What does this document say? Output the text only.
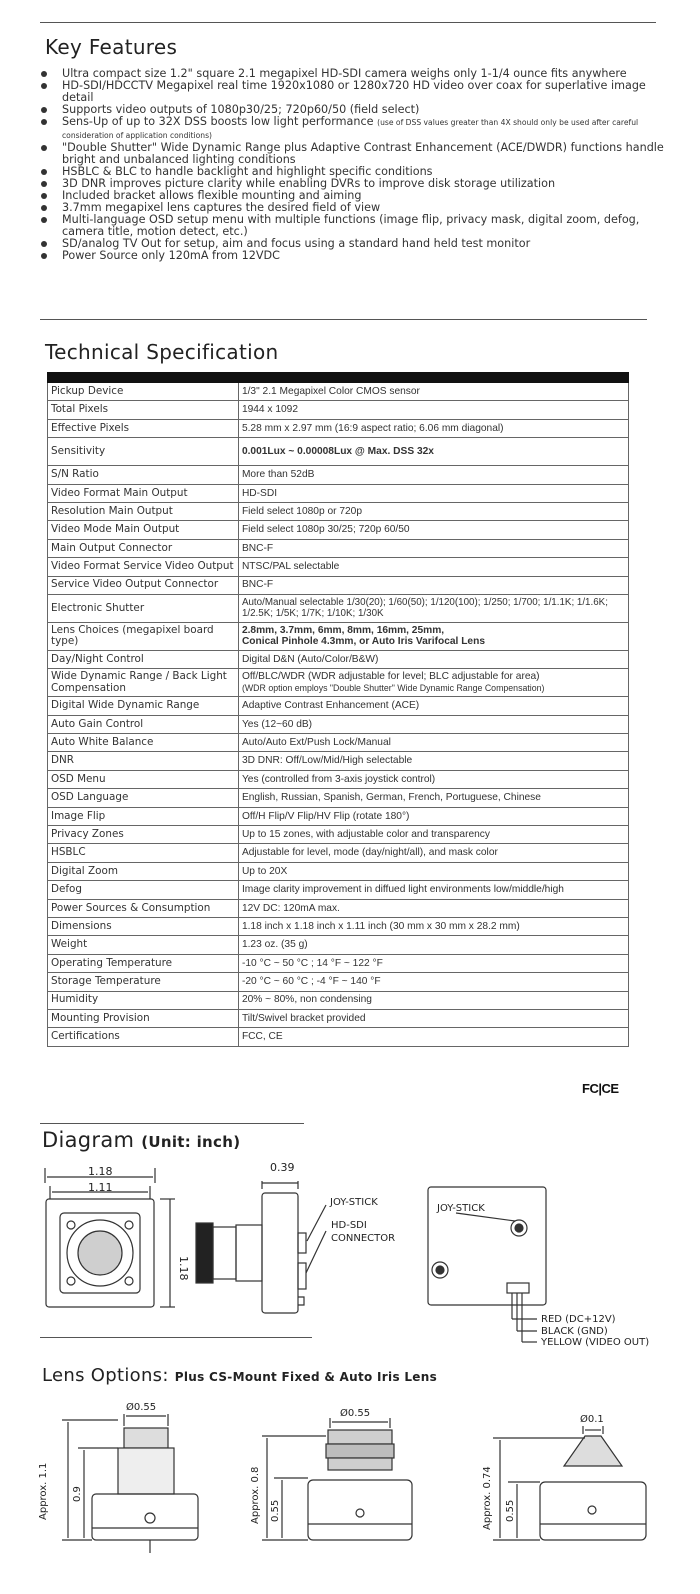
Key Features
Ultra compact size 1.2" square 2.1 megapixel HD-SDI camera weighs only 1-1/4 ounce fits anywhere
HD-SDI/HDCCTV Megapixel real time 1920x1080 or 1280x720 HD video over coax for superlative image detail
Supports video outputs of 1080p30/25; 720p60/50 (field select)
Sens-Up of up to 32X DSS boosts low light performance (use of DSS values greater than 4X should only be used after careful consideration of application conditions)
"Double Shutter" Wide Dynamic Range plus Adaptive Contrast Enhancement (ACE/DWDR) functions handle bright and unbalanced lighting conditions
HSBLC & BLC to handle backlight and highlight specific conditions
3D DNR improves picture clarity while enabling DVRs to improve disk storage utilization
Included bracket allows flexible mounting and aiming
3.7mm megapixel lens captures the desired field of view
Multi-language OSD setup menu with multiple functions (image flip, privacy mask, digital zoom, defog, camera title, motion detect, etc.)
SD/analog TV Out for setup, aim and focus using a standard hand held test monitor
Power Source only 120mA from 12VDC
Technical Specification

Pickup Device	1/3" 2.1 Megapixel Color CMOS sensor

Total Pixels	1944 x 1092

Effective Pixels	5.28 mm x 2.97 mm (16:9 aspect ratio; 6.06 mm diagonal)

Sensitivity	0.001Lux ~ 0.00008Lux @ Max. DSS 32x

S/N Ratio	More than 52dB

Video Format Main Output	HD-SDI

Resolution Main Output	Field select 1080p or 720p

Video Mode Main Output	Field select 1080p 30/25; 720p 60/50

Main Output Connector	BNC-F

Video Format Service Video Output	NTSC/PAL selectable

Service Video Output Connector	BNC-F

Electronic Shutter	Auto/Manual selectable 1/30(20); 1/60(50); 1/120(100); 1/250; 1/700; 1/1.1K; 1/1.6K; 1/2.5K; 1/5K; 1/7K; 1/10K; 1/30K

Lens Choices (megapixel board type)	2.8mm, 3.7mm, 6mm, 8mm, 16mm, 25mm,
Conical Pinhole 4.3mm, or Auto Iris Varifocal Lens

Day/Night Control	Digital D&N (Auto/Color/B&W)

Wide Dynamic Range / Back Light Compensation	Off/BLC/WDR (WDR adjustable for level; BLC adjustable for area)
(WDR option employs "Double Shutter" Wide Dynamic Range Compensation)

Digital Wide Dynamic Range	Adaptive Contrast Enhancement (ACE)

Auto Gain Control	Yes (12~60 dB)

Auto White Balance	Auto/Auto Ext/Push Lock/Manual

DNR	3D DNR: Off/Low/Mid/High selectable

OSD Menu	Yes (controlled from 3-axis joystick control)

OSD Language	English, Russian, Spanish, German, French, Portuguese, Chinese

Image Flip	Off/H Flip/V Flip/HV Flip (rotate 180°)

Privacy Zones	Up to 15 zones, with adjustable color and transparency

HSBLC	Adjustable for level, mode (day/night/all), and mask color

Digital Zoom	Up to 20X

Defog	Image clarity improvement in diffued light environments low/middle/high

Power Sources & Consumption	12V DC: 120mA max.

Dimensions	1.18 inch x 1.18 inch x 1.11 inch (30 mm x 30 mm x 28.2 mm)

Weight	1.23 oz. (35 g)

Operating Temperature	-10 °C ~ 50 °C ; 14 °F ~ 122 °F

Storage Temperature	-20 °C ~ 60 °C ; -4 °F ~ 140 °F

Humidity	20% ~ 80%, non condensing

Mounting Provision	Tilt/Swivel bracket provided

Certifications	FCC, CE
FC|CE
Diagram (Unit: inch)
1.18
1.11
1.18
0.39
JOY-STICK
HD-SDI
CONNECTOR
JOY-STICK
RED (DC+12V)
BLACK (GND)
YELLOW (VIDEO OUT)
Lens Options: Plus CS-Mount Fixed & Auto Iris Lens
Ø0.55
Approx. 1.1 0.9
Ø0.55
Approx. 0.8 0.55
Ø0.1
Approx. 0.74 0.55
